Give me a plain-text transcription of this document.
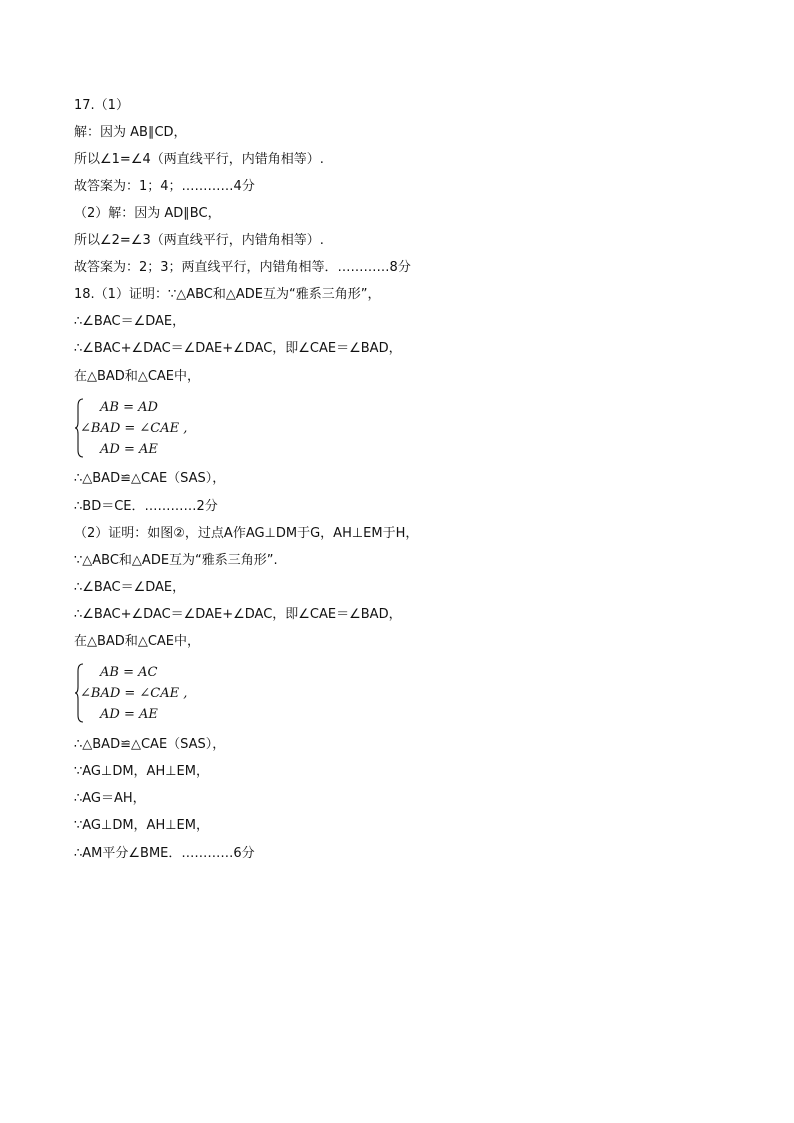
17.（1）
解：因为 AB∥CD，
所以∠1=∠4（两直线平行，内错角相等）.
故答案为：1；4；…………4分
（2）解：因为 AD∥BC，
所以∠2=∠3（两直线平行，内错角相等）.
故答案为：2；3；两直线平行，内错角相等．…………8分
18.（1）证明：∵△ABC和△ADE互为“雅系三角形”，
∴∠BAC＝∠DAE，
∴∠BAC+∠DAC＝∠DAE+∠DAC，即∠CAE＝∠BAD，
在△BAD和△CAE中，
AB = AD
∠BAD = ∠CAE ,
AD = AE
∴△BAD≌△CAE（SAS），
∴BD＝CE．…………2分
（2）证明：如图②，过点A作AG⊥DM于G，AH⊥EM于H，
∵△ABC和△ADE互为“雅系三角形”.
∴∠BAC＝∠DAE，
∴∠BAC+∠DAC＝∠DAE+∠DAC，即∠CAE＝∠BAD，
在△BAD和△CAE中，
AB = AC
∠BAD = ∠CAE ,
AD = AE
∴△BAD≌△CAE（SAS），
∵AG⊥DM，AH⊥EM，
∴AG＝AH，
∵AG⊥DM，AH⊥EM，
∴AM平分∠BME．…………6分
